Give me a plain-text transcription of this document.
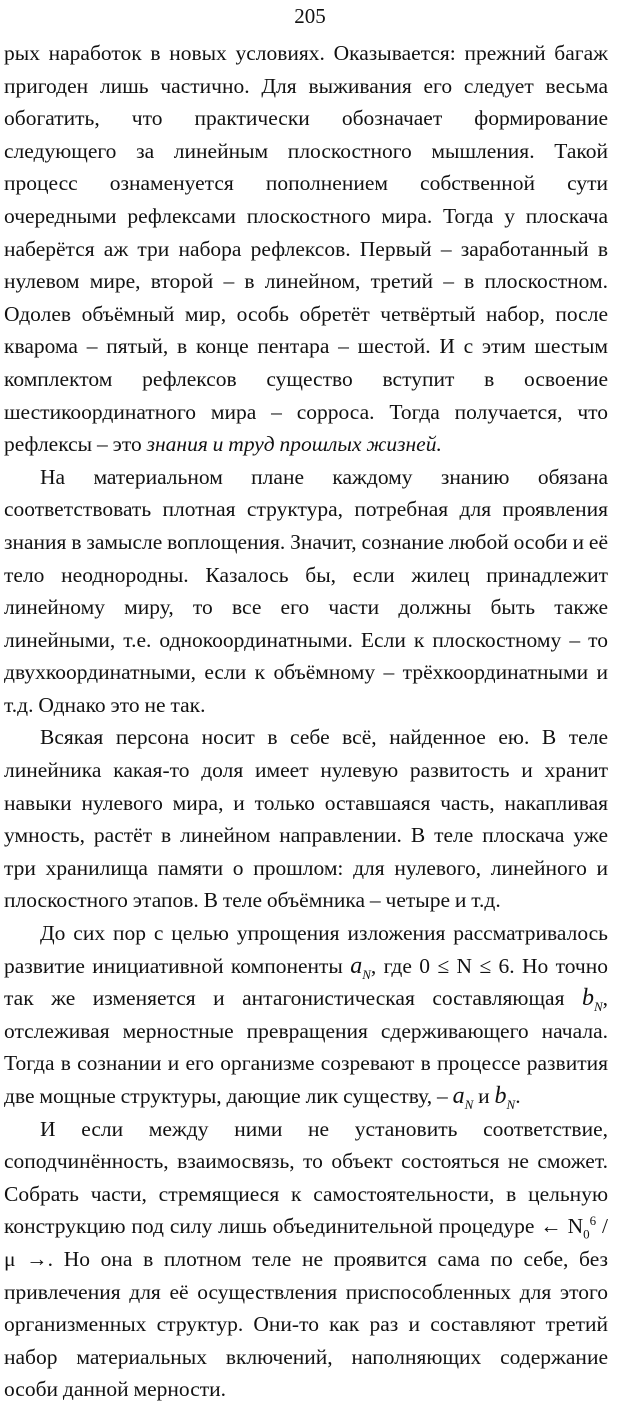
205

рых наработок в новых условиях. Оказывается: прежний багаж пригоден лишь частично. Для выживания его следует весьма обогатить, что практически обозначает формирование следующего за линейным плоскостного мышления. Такой процесс ознаменуется пополнением собственной сути очередными рефлексами плоскостного мира. Тогда у плоскача наберётся аж три набора рефлексов. Первый – заработанный в нулевом мире, второй – в линейном, третий – в плоскостном. Одолев объёмный мир, особь обретёт четвёртый набор, после кварома – пятый, в конце пентара – шестой. И с этим шестым комплектом рефлексов существо вступит в освоение шестикоординатного мира – сорроса. Тогда получается, что рефлексы – это знания и труд прошлых жизней.

На материальном плане каждому знанию обязана соответствовать плотная структура, потребная для проявления знания в замысле воплощения. Значит, сознание любой особи и её тело неоднородны. Казалось бы, если жилец принадлежит линейному миру, то все его части должны быть также линейными, т.е. однокоординатными. Если к плоскостному – то двухкоординатными, если к объёмному – трёхкоординатными и т.д. Однако это не так.

Всякая персона носит в себе всё, найденное ею. В теле линейника какая-то доля имеет нулевую развитость и хранит навыки нулевого мира, и только оставшаяся часть, накапливая умность, растёт в линейном направлении. В теле плоскача уже три хранилища памяти о прошлом: для нулевого, линейного и плоскостного этапов. В теле объёмника – четыре и т.д.

До сих пор с целью упрощения изложения рассматривалось развитие инициативной компоненты $a_N$, где 0 ≤ N ≤ 6. Но точно так же изменяется и антагонистическая составляющая $b_N$, отслеживая мерностные превращения сдерживающего начала. Тогда в сознании и его организме созревают в процессе развития две мощные структуры, дающие лик существу, – $a_N$ и $b_N$.

И если между ними не установить соответствие, соподчинённость, взаимосвязь, то объект состояться не сможет. Собрать части, стремящиеся к самостоятельности, в цельную конструкцию под силу лишь объединительной процедуре ← $N_0^6$ / μ →. Но она в плотном теле не проявится сама по себе, без привлечения для её осуществления приспособленных для этого организменных структур. Они-то как раз и составляют третий набор материальных включений, наполняющих содержание особи данной мерности.
